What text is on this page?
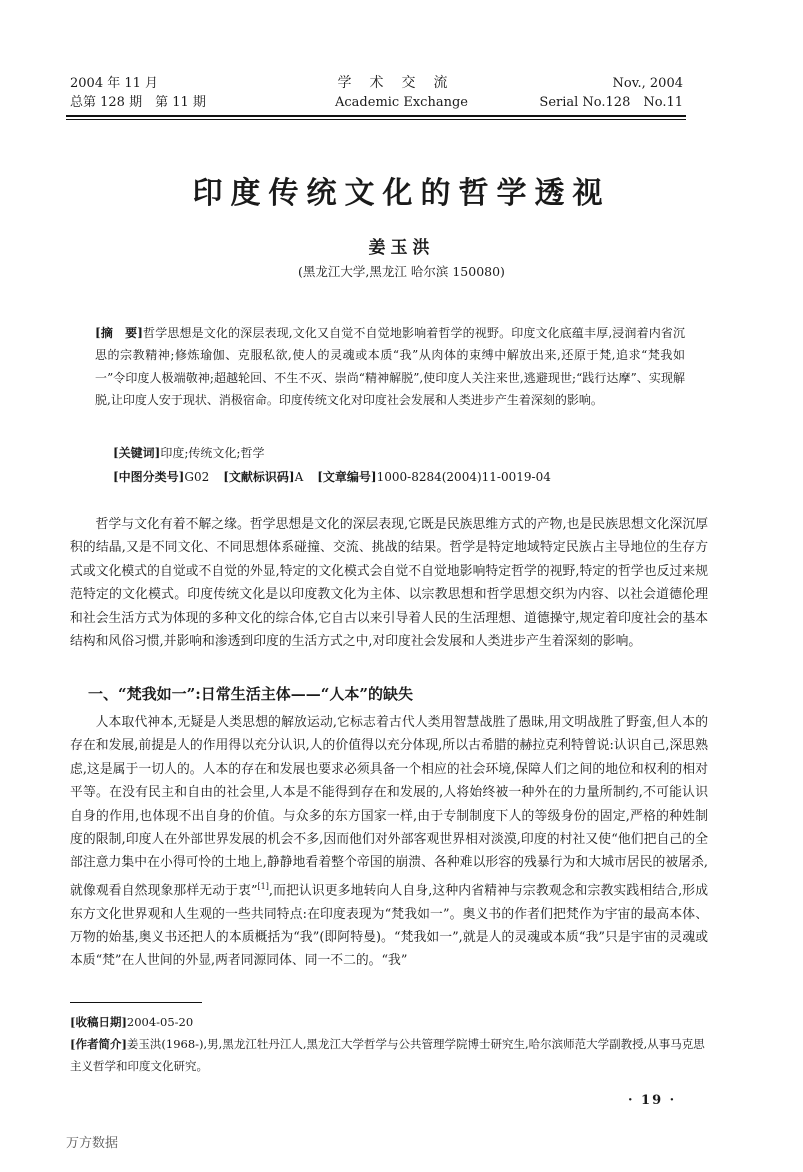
2004 年 11 月
总第 128 期　第 11 期
学术交流
Academic Exchange
Nov., 2004
Serial No.128　No.11
印度传统文化的哲学透视
姜玉洪
(黑龙江大学,黑龙江 哈尔滨 150080)
[摘　要]哲学思想是文化的深层表现,文化又自觉不自觉地影响着哲学的视野。印度文化底蕴丰厚,浸润着内省沉思的宗教精神;修炼瑜伽、克服私欲,使人的灵魂或本质“我”从肉体的束缚中解放出来,还原于梵,追求“梵我如一”令印度人极端敬神;超越轮回、不生不灭、崇尚“精神解脱”,使印度人关注来世,逃避现世;“践行达摩”、实现解脱,让印度人安于现状、消极宿命。印度传统文化对印度社会发展和人类进步产生着深刻的影响。
[关键词]印度;传统文化;哲学
[中图分类号]G02 [文献标识码]A [文章编号]1000-8284(2004)11-0019-04

哲学与文化有着不解之缘。哲学思想是文化的深层表现,它既是民族思维方式的产物,也是民族思想文化深沉厚积的结晶,又是不同文化、不同思想体系碰撞、交流、挑战的结果。哲学是特定地域特定民族占主导地位的生存方式或文化模式的自觉或不自觉的外显,特定的文化模式会自觉不自觉地影响特定哲学的视野,特定的哲学也反过来规范特定的文化模式。印度传统文化是以印度教文化为主体、以宗教思想和哲学思想交织为内容、以社会道德伦理和社会生活方式为体现的多种文化的综合体,它自古以来引导着人民的生活理想、道德操守,规定着印度社会的基本结构和风俗习惯,并影响和渗透到印度的生活方式之中,对印度社会发展和人类进步产生着深刻的影响。

一、“梵我如一”:日常生活主体——“人本”的缺失

人本取代神本,无疑是人类思想的解放运动,它标志着古代人类用智慧战胜了愚昧,用文明战胜了野蛮,但人本的存在和发展,前提是人的作用得以充分认识,人的价值得以充分体现,所以古希腊的赫拉克利特曾说:认识自己,深思熟虑,这是属于一切人的。人本的存在和发展也要求必须具备一个相应的社会环境,保障人们之间的地位和权利的相对平等。在没有民主和自由的社会里,人本是不能得到存在和发展的,人将始终被一种外在的力量所制约,不可能认识自身的作用,也体现不出自身的价值。与众多的东方国家一样,由于专制制度下人的等级身份的固定,严格的种姓制度的限制,印度人在外部世界发展的机会不多,因而他们对外部客观世界相对淡漠,印度的村社又使“他们把自己的全部注意力集中在小得可怜的土地上,静静地看着整个帝国的崩溃、各种难以形容的残暴行为和大城市居民的被屠杀,就像观看自然现象那样无动于衷”[1],而把认识更多地转向人自身,这种内省精神与宗教观念和宗教实践相结合,形成东方文化世界观和人生观的一些共同特点:在印度表现为“梵我如一”。奥义书的作者们把梵作为宇宙的最高本体、万物的始基,奥义书还把人的本质概括为“我”(即阿特曼)。“梵我如一”,就是人的灵魂或本质“我”只是宇宙的灵魂或本质“梵”在人世间的外显,两者同源同体、同一不二的。“我”

[收稿日期]2004-05-20
[作者简介]姜玉洪(1968-),男,黑龙江牡丹江人,黑龙江大学哲学与公共管理学院博士研究生,哈尔滨师范大学副教授,从事马克思主义哲学和印度文化研究。
· 19 ·
万方数据
